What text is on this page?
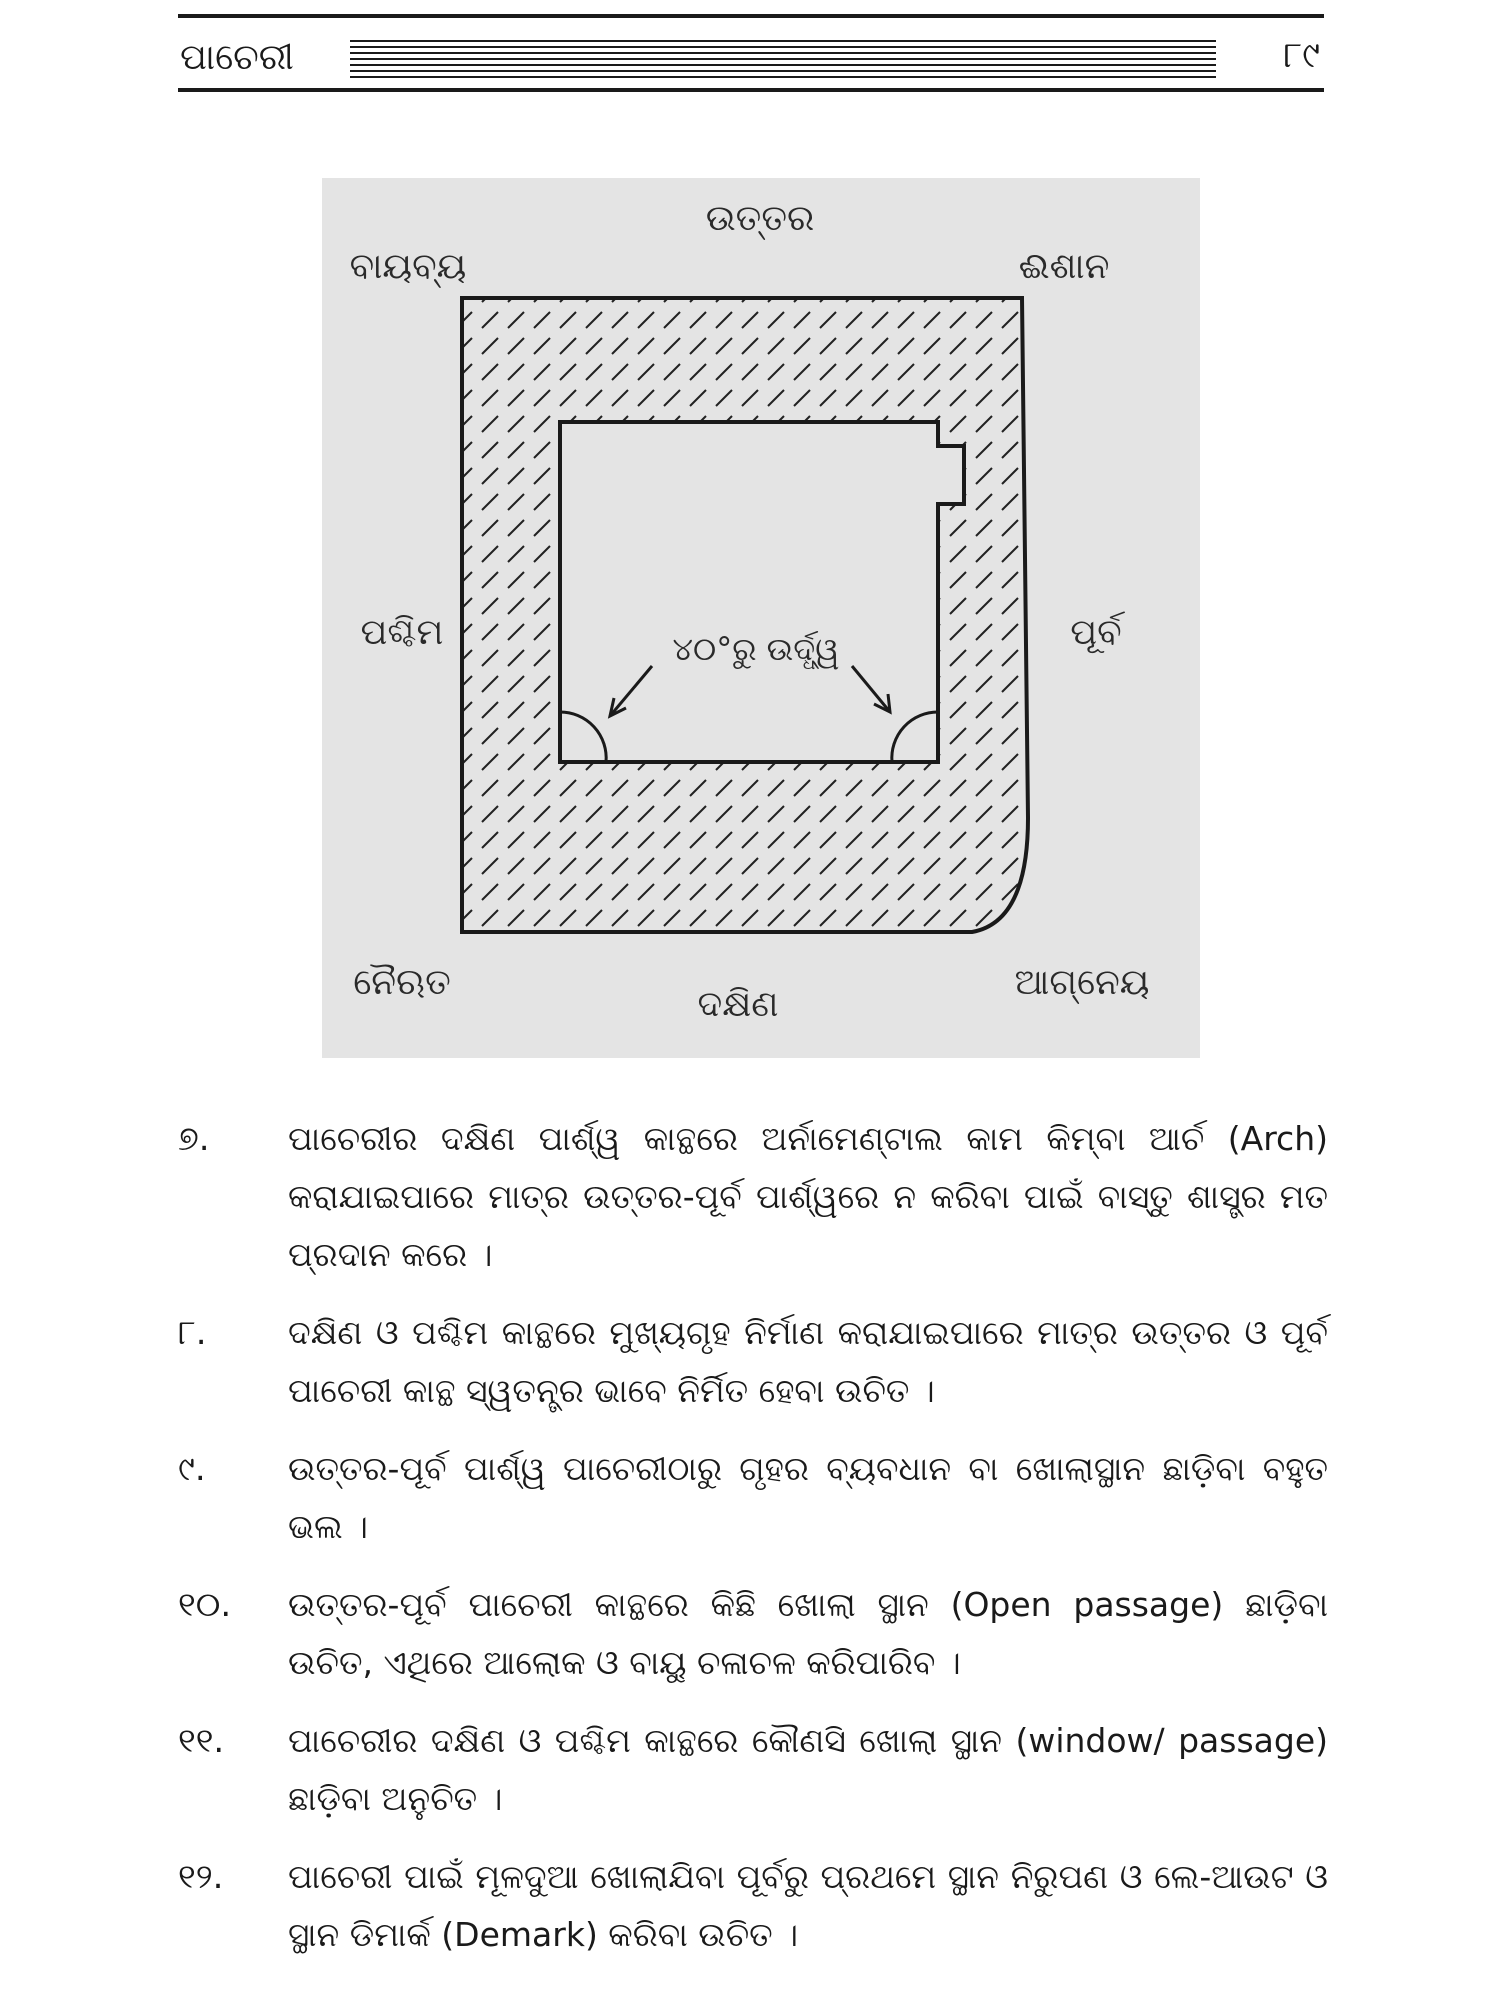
ପାଚେରୀ	୮୯
ଉତ୍ତର
ଈଶାନ
ବାୟବ୍ୟ
ପୂର୍ବ
ପଶ୍ଚିମ
ନୈଋତ
ଦକ୍ଷିଣ
ଆଗ୍ନେୟ
୪୦°ରୁ ଉର୍ଦ୍ଧ୍ୱ
୭.	ପାଚେରୀର ଦକ୍ଷିଣ ପାର୍ଶ୍ୱ କାନ୍ଥରେ ଅର୍ନାମେଣ୍ଟାଲ କାମ କିମ୍ବା ଆର୍ଚ (Arch) କରାଯାଇପାରେ ମାତ୍ର ଉତ୍ତର-ପୂର୍ବ ପାର୍ଶ୍ୱରେ ନ କରିବା ପାଇଁ ବାସ୍ତୁ ଶାସ୍ତ୍ର ମତ ପ୍ରଦାନ କରେ ।
୮.	ଦକ୍ଷିଣ ଓ ପଶ୍ଚିମ କାନ୍ଥରେ ମୁଖ୍ୟଗୃହ ନିର୍ମାଣ କରାଯାଇପାରେ ମାତ୍ର ଉତ୍ତର ଓ ପୂର୍ବ ପାଚେରୀ କାନ୍ଥ ସ୍ୱତନ୍ତ୍ର ଭାବେ ନିର୍ମିତ ହେବା ଉଚିତ ।
୯.	ଉତ୍ତର-ପୂର୍ବ ପାର୍ଶ୍ୱ ପାଚେରୀଠାରୁ ଗୃହର ବ୍ୟବଧାନ ବା ଖୋଲାସ୍ଥାନ ଛାଡ଼ିବା ବହୁତ ଭଲ ।
୧୦.	ଉତ୍ତର-ପୂର୍ବ ପାଚେରୀ କାନ୍ଥରେ କିଛି ଖୋଲା ସ୍ଥାନ (Open passage) ଛାଡ଼ିବା ଉଚିତ, ଏଥିରେ ଆଲୋକ ଓ ବାୟୁ ଚଳାଚଳ କରିପାରିବ ।
୧୧.	ପାଚେରୀର ଦକ୍ଷିଣ ଓ ପଶ୍ଚିମ କାନ୍ଥରେ କୌଣସି ଖୋଲା ସ୍ଥାନ (window/ passage) ଛାଡ଼ିବା ଅନୁଚିତ ।
୧୨.	ପାଚେରୀ ପାଇଁ ମୂଳଦୁଆ ଖୋଲାଯିବା ପୂର୍ବରୁ ପ୍ରଥମେ ସ୍ଥାନ ନିରୁପଣ ଓ ଲେ-ଆଉଟ ଓ ସ୍ଥାନ ଡିମାର୍କ (Demark) କରିବା ଉଚିତ ।
